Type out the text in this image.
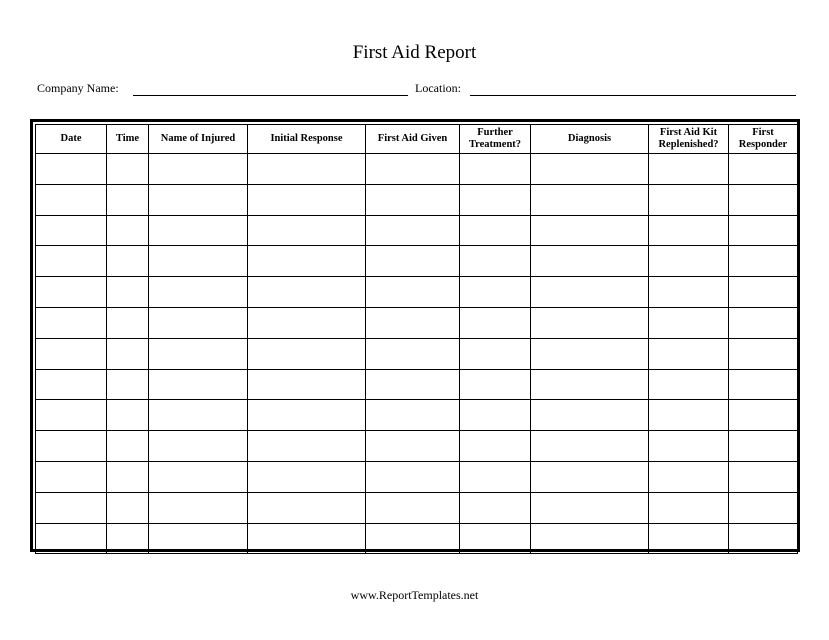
First Aid Report
Company Name:	Location:
Date	Time	Name of Injured	Initial Response	First Aid Given	Further Treatment?	Diagnosis	First Aid Kit Replenished?	First Responder

www.ReportTemplates.net
